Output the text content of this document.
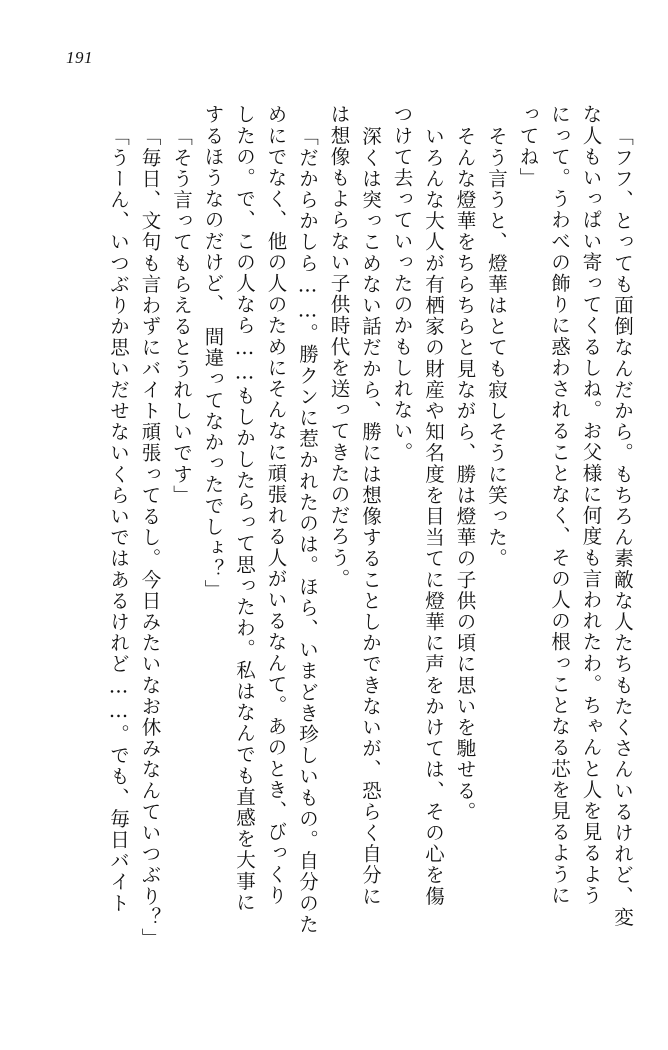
191
「フフ、とっても面倒なんだから。もちろん素敵な人たちもたくさんいるけれど、変
な人もいっぱい寄ってくるしね。お父様に何度も言われたわ。ちゃんと人を見るよう
にって。うわべの飾りに惑わされることなく、その人の根っことなる芯を見るように
ってね」
そう言うと、燈華はとても寂しそうに笑った。
そんな燈華をちらちらと見ながら、勝は燈華の子供の頃に思いを馳せる。
いろんな大人が有栖家の財産や知名度を目当てに燈華に声をかけては、その心を傷
つけて去っていったのかもしれない。
深くは突っこめない話だから、勝には想像することしかできないが、恐らく自分に
は想像もよらない子供時代を送ってきたのだろう。
「だからかしら……。勝クンに惹かれたのは。ほら、いまどき珍しいもの。自分のた
めにでなく、他の人のためにそんなに頑張れる人がいるなんて。あのとき、びっくり
したの。で、この人なら……もしかしたらって思ったわ。私はなんでも直感を大事に
するほうなのだけど、　間違ってなかったでしょ？」
「そう言ってもらえるとうれしいです」
「毎日、文句も言わずにバイト頑張ってるし。今日みたいなお休みなんていつぶり？」
「うーん、いつぶりか思いだせないくらいではあるけれど……。でも、毎日バイト
